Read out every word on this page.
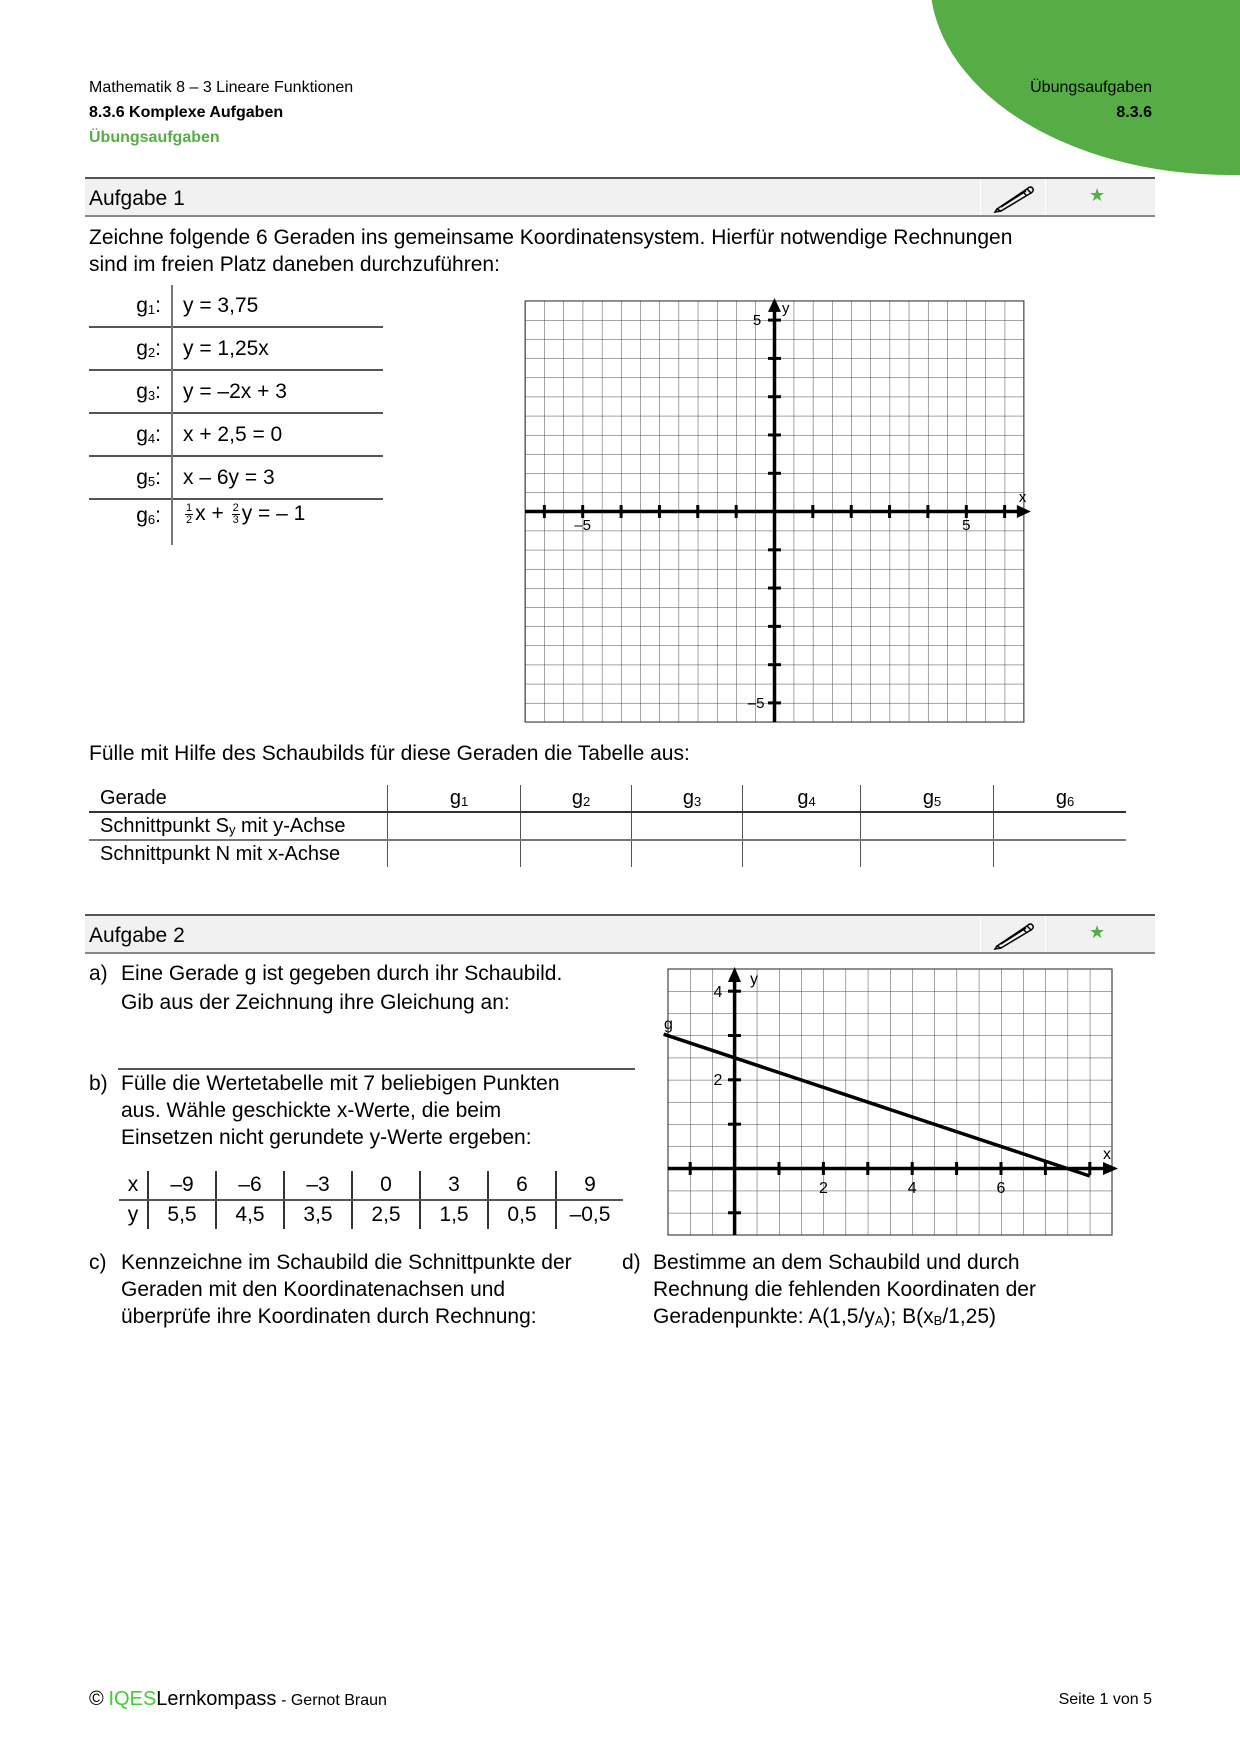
Mathematik 8 – 3 Lineare Funktionen
8.3.6 Komplexe Aufgaben
Übungsaufgaben
Übungsaufgaben
8.3.6
Aufgabe 1	★
Zeichne folgende 6 Geraden ins gemeinsame Koordinatensystem. Hierfür notwendige Rechnungen
sind im freien Platz daneben durchzuführen:
$g_1$:	y = 3,75
$g_2$:	y = 1,25x
$g_3$:	y = –2x + 3
$g_4$:	x + 2,5 = 0
$g_5$:	x – 6y = 3
$g_6$:	$\frac{1}{2}$ $x + \frac{2}{3}$ y = – 1
5
y
x
–5	5
–5
Fülle mit Hilfe des Schaubilds für diese Geraden die Tabelle aus:
Gerade	$g_1$	$g_2$	$g_3$	$g_4$	$g_5$	$g_6$
Schnittpunkt $S_y$ mit y-Achse						
Schnittpunkt N mit x-Achse						
Aufgabe 2	★
a) Eine Gerade g ist gegeben durch ihr Schaubild.
Gib aus der Zeichnung ihre Gleichung an:
b) Fülle die Wertetabelle mit 7 beliebigen Punkten
aus. Wähle geschickte x-Werte, die beim
Einsetzen nicht gerundete y-Werte ergeben:
x	–9	–6	–3	0	3	6	9
y	5,5	4,5	3,5	2,5	1,5	0,5	–0,5
4
y
2
g
x
2	4	6
c) Kennzeichne im Schaubild die Schnittpunkte der
Geraden mit den Koordinatenachsen und
überprüfe ihre Koordinaten durch Rechnung:
d) Bestimme an dem Schaubild und durch
Rechnung die fehlenden Koordinaten der
Geradenpunkte: $A(1,5/y_A)$; $B(x_B/1,25)$
© IQESLernkompass - Gernot Braun	Seite 1 von 5
